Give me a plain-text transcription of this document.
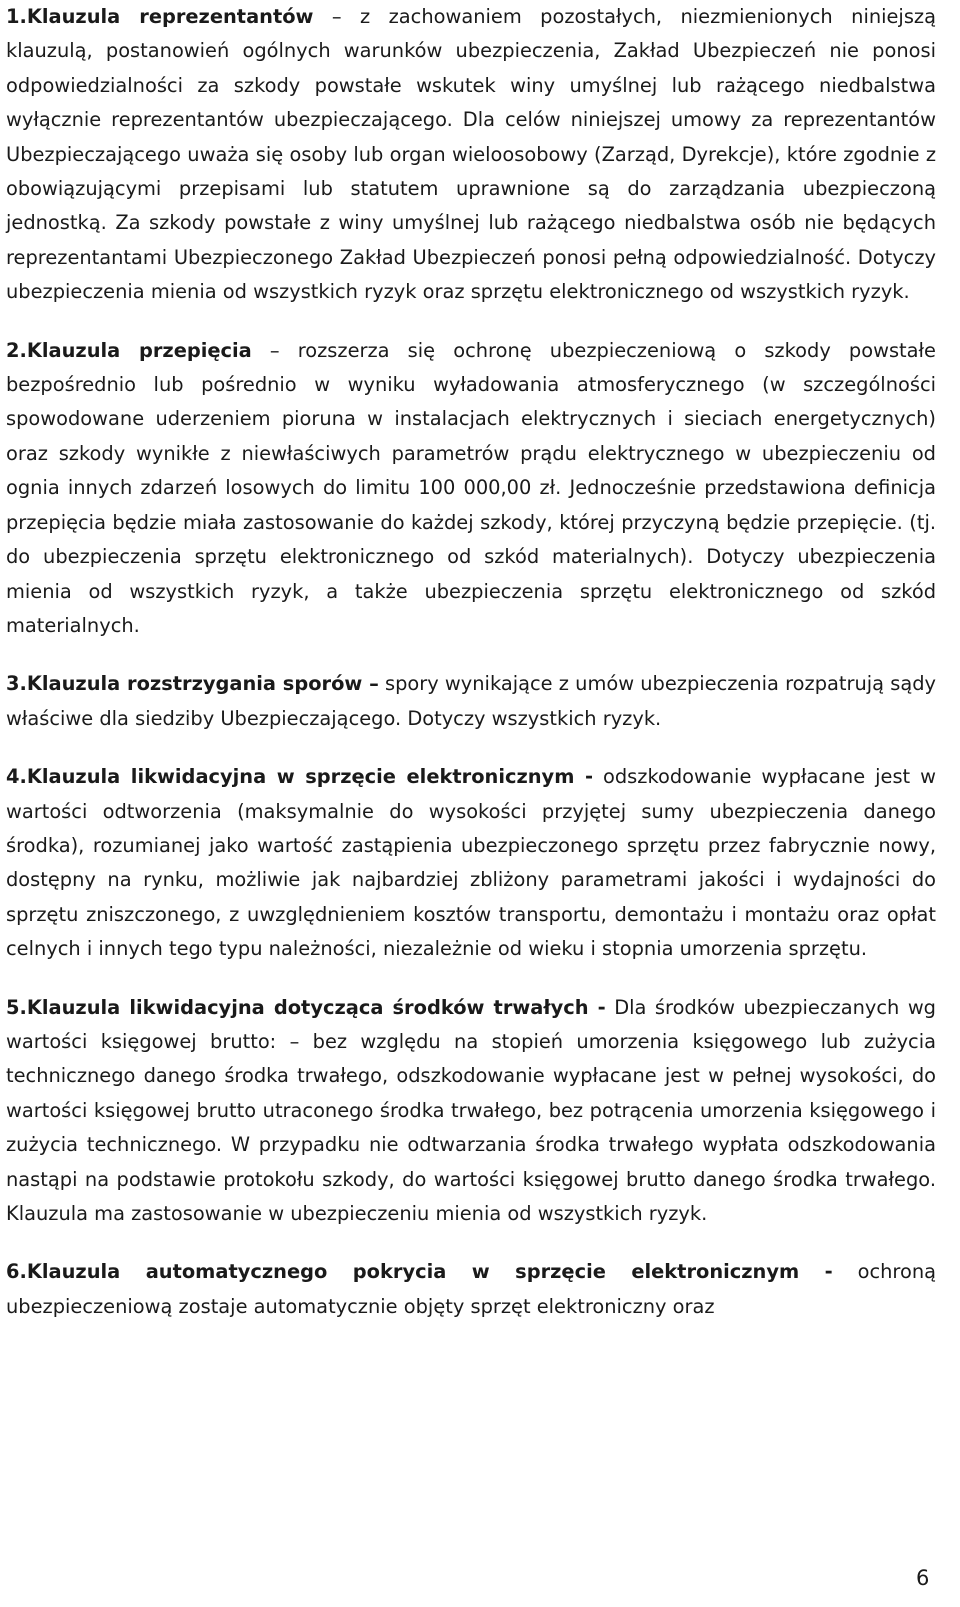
1.Klauzula reprezentantów – z zachowaniem pozostałych, niezmienionych niniejszą klauzulą, postanowień ogólnych warunków ubezpieczenia, Zakład Ubezpieczeń nie ponosi odpowiedzialności za szkody powstałe wskutek winy umyślnej lub rażącego niedbalstwa wyłącznie reprezentantów ubezpieczającego. Dla celów niniejszej umowy za reprezentantów Ubezpieczającego uważa się osoby lub organ wieloosobowy (Zarząd, Dyrekcje), które zgodnie z obowiązującymi przepisami lub statutem uprawnione są do zarządzania ubezpieczoną jednostką. Za szkody powstałe z winy umyślnej lub rażącego niedbalstwa osób nie będących reprezentantami Ubezpieczonego Zakład Ubezpieczeń ponosi pełną odpowiedzialność. Dotyczy ubezpieczenia mienia od wszystkich ryzyk oraz sprzętu elektronicznego od wszystkich ryzyk.

2.Klauzula przepięcia – rozszerza się ochronę ubezpieczeniową o szkody powstałe bezpośrednio lub pośrednio w wyniku wyładowania atmosferycznego (w szczególności spowodowane uderzeniem pioruna w instalacjach elektrycznych i sieciach energetycznych) oraz szkody wynikłe z niewłaściwych parametrów prądu elektrycznego w ubezpieczeniu od ognia innych zdarzeń losowych do limitu 100 000,00 zł. Jednocześnie przedstawiona definicja przepięcia będzie miała zastosowanie do każdej szkody, której przyczyną będzie przepięcie. (tj. do ubezpieczenia sprzętu elektronicznego od szkód materialnych). Dotyczy ubezpieczenia mienia od wszystkich ryzyk, a także ubezpieczenia sprzętu elektronicznego od szkód materialnych.

3.Klauzula rozstrzygania sporów – spory wynikające z umów ubezpieczenia rozpatrują sądy właściwe dla siedziby Ubezpieczającego. Dotyczy wszystkich ryzyk.

4.Klauzula likwidacyjna w sprzęcie elektronicznym - odszkodowanie wypłacane jest w wartości odtworzenia (maksymalnie do wysokości przyjętej sumy ubezpieczenia danego środka), rozumianej jako wartość zastąpienia ubezpieczonego sprzętu przez fabrycznie nowy, dostępny na rynku, możliwie jak najbardziej zbliżony parametrami jakości i wydajności do sprzętu zniszczonego, z uwzględnieniem kosztów transportu, demontażu i montażu oraz opłat celnych i innych tego typu należności, niezależnie od wieku i stopnia umorzenia sprzętu.

5.Klauzula likwidacyjna dotycząca środków trwałych - Dla środków ubezpieczanych wg wartości księgowej brutto: – bez względu na stopień umorzenia księgowego lub zużycia technicznego danego środka trwałego, odszkodowanie wypłacane jest w pełnej wysokości, do wartości księgowej brutto utraconego środka trwałego, bez potrącenia umorzenia księgowego i zużycia technicznego. W przypadku nie odtwarzania środka trwałego wypłata odszkodowania nastąpi na podstawie protokołu szkody, do wartości księgowej brutto danego środka trwałego. Klauzula ma zastosowanie w ubezpieczeniu mienia od wszystkich ryzyk.

6.Klauzula automatycznego pokrycia w sprzęcie elektronicznym - ochroną ubezpieczeniową zostaje automatycznie objęty sprzęt elektroniczny oraz

6
